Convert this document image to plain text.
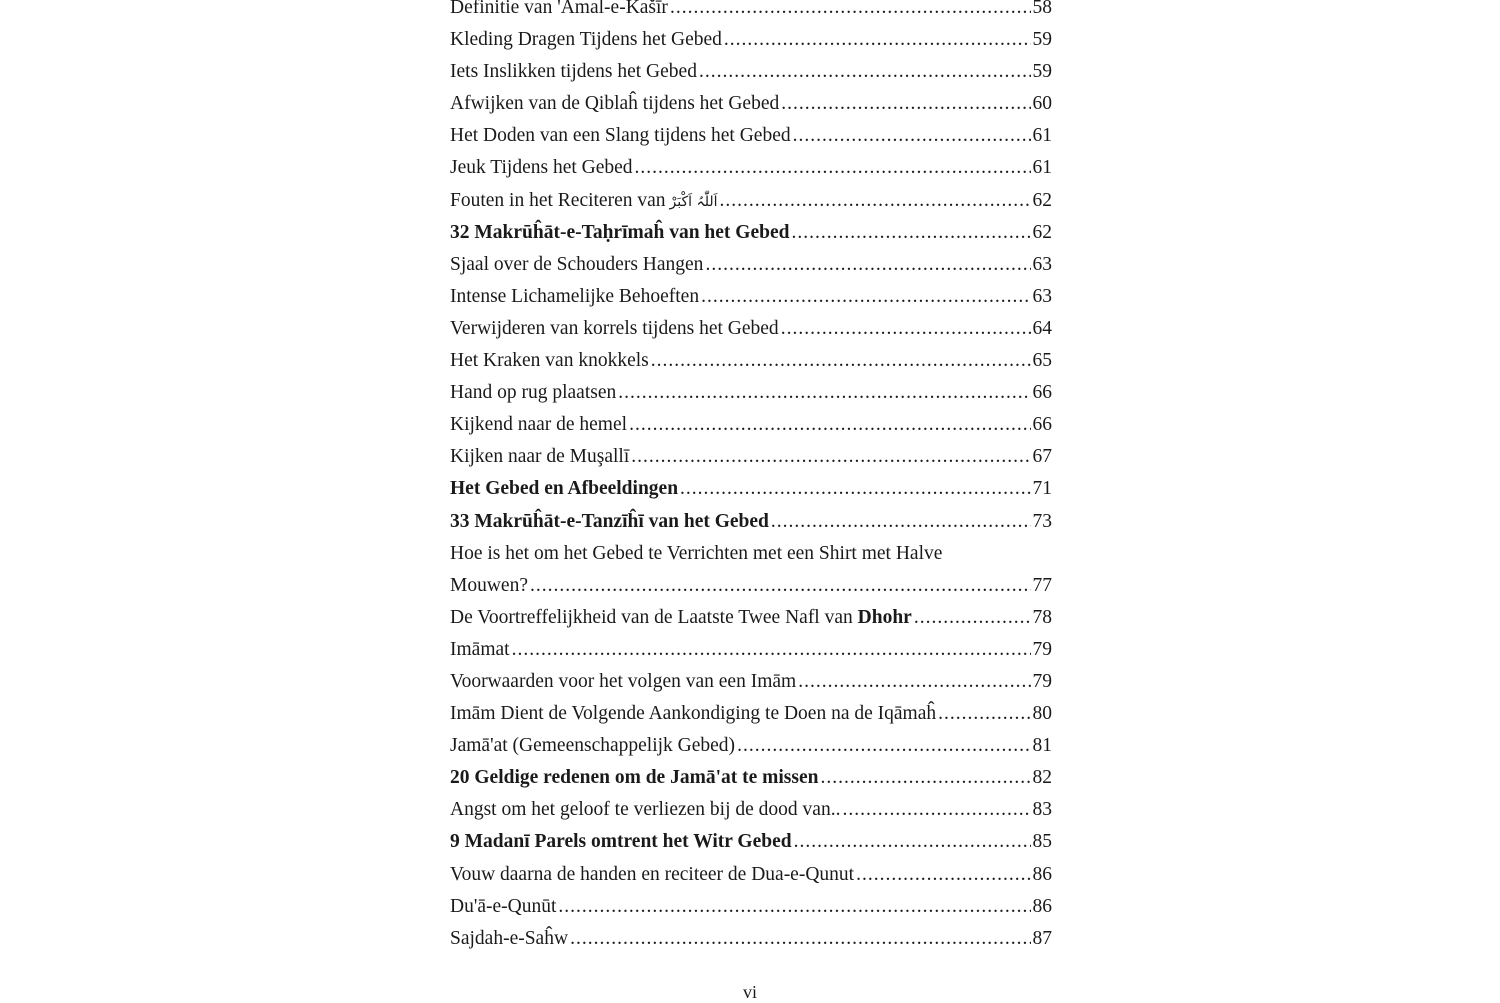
Definitie van 'Amal-e-Kašīr .....	58
Kleding Dragen Tijdens het Gebed .....	59
Iets Inslikken tijdens het Gebed .....	59
Afwijken van de Qiblaĥ tijdens het Gebed .....	60
Het Doden van een Slang tijdens het Gebed .....	61
Jeuk Tijdens het Gebed .....	61
Fouten in het Reciteren van اَللّٰہُ اَکْبَرْ .....	62
32 Makrūĥāt-e-Taḥrīmaĥ van het Gebed .....	62
Sjaal over de Schouders Hangen .....	63
Intense Lichamelijke Behoeften .....	63
Verwijderen van korrels tijdens het Gebed .....	64
Het Kraken van knokkels .....	65
Hand op rug plaatsen .....	66
Kijkend naar de hemel .....	66
Kijken naar de Muşallī .....	67
Het Gebed en Afbeeldingen .....	71
33 Makrūĥāt-e-Tanzīĥī van het Gebed .....	73
Hoe is het om het Gebed te Verrichten met een Shirt met Halve
Mouwen? .....	77
De Voortreffelijkheid van de Laatste Twee Nafl van Dhohr .....	78
Imāmat .....	79
Voorwaarden voor het volgen van een Imām .....	79
Imām Dient de Volgende Aankondiging te Doen na de Iqāmaĥ .....	80
Jamā'at (Gemeenschappelijk Gebed) .....	81
20 Geldige redenen om de Jamā'at te missen .....	82
Angst om het geloof te verliezen bij de dood van.. .....	83
9 Madanī Parels omtrent het Witr Gebed .....	85
Vouw daarna de handen en reciteer de Dua-e-Qunut .....	86
Du'ā-e-Qunūt .....	86
Sajdah-e-Saĥw .....	87
vi
